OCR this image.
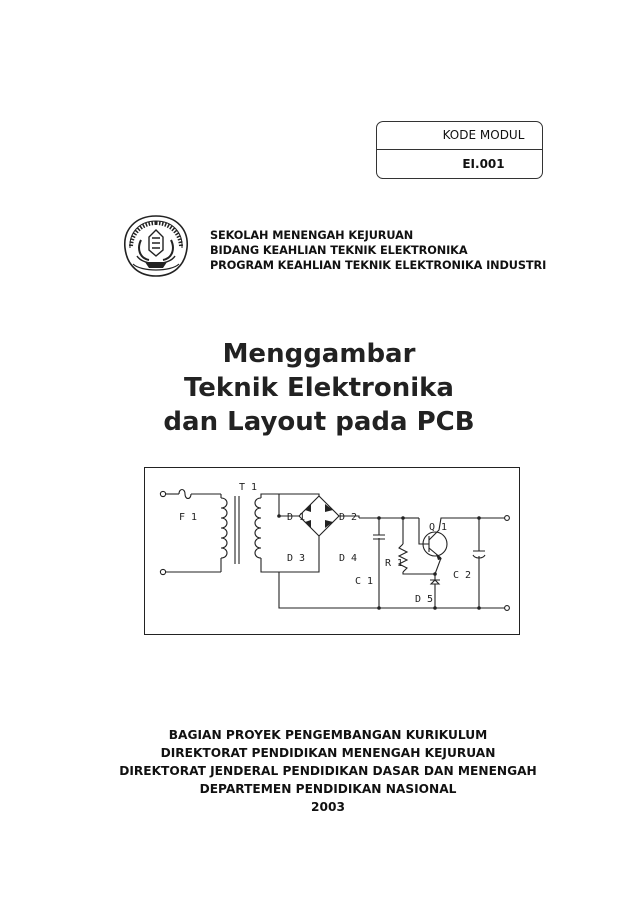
KODE MODUL
EI.001
SEKOLAH MENENGAH KEJURUAN
BIDANG KEAHLIAN TEKNIK ELEKTRONIKA
PROGRAM KEAHLIAN TEKNIK ELEKTRONIKA INDUSTRI
Menggambar
Teknik Elektronika
dan Layout pada PCB
T 1
F 1	D 1	D 2
D 3	D 4	R 1
C 1
Q 1
D 5
C 2
BAGIAN PROYEK PENGEMBANGAN KURIKULUM
DIREKTORAT PENDIDIKAN MENENGAH KEJURUAN
DIREKTORAT JENDERAL PENDIDIKAN DASAR DAN MENENGAH
DEPARTEMEN PENDIDIKAN NASIONAL
2003
